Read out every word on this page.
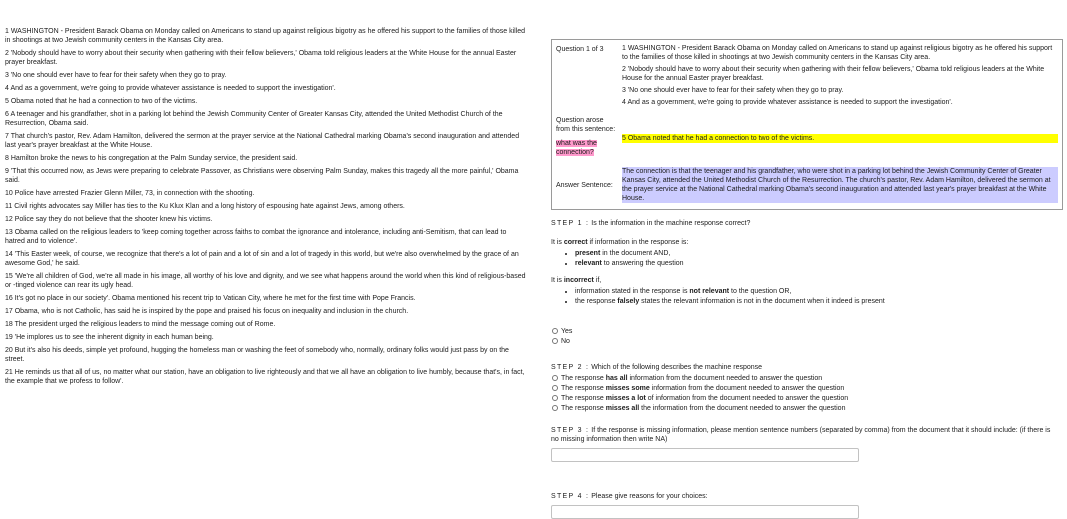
1 WASHINGTON - President Barack Obama on Monday called on Americans to stand up against religious bigotry as he offered his support to the families of those killed in shootings at two Jewish community centers in the Kansas City area.

2 'Nobody should have to worry about their security when gathering with their fellow believers,' Obama told religious leaders at the White House for the annual Easter prayer breakfast.

3 'No one should ever have to fear for their safety when they go to pray.

4 And as a government, we're going to provide whatever assistance is needed to support the investigation'.

5 Obama noted that he had a connection to two of the victims.

6 A teenager and his grandfather, shot in a parking lot behind the Jewish Community Center of Greater Kansas City, attended the United Methodist Church of the Resurrection, Obama said.

7 That church's pastor, Rev. Adam Hamilton, delivered the sermon at the prayer service at the National Cathedral marking Obama's second inauguration and attended last year's prayer breakfast at the White House.

8 Hamilton broke the news to his congregation at the Palm Sunday service, the president said.

9 'That this occurred now, as Jews were preparing to celebrate Passover, as Christians were observing Palm Sunday, makes this tragedy all the more painful,' Obama said.

10 Police have arrested Frazier Glenn Miller, 73, in connection with the shooting.

11 Civil rights advocates say Miller has ties to the Ku Klux Klan and a long history of espousing hate against Jews, among others.

12 Police say they do not believe that the shooter knew his victims.

13 Obama called on the religious leaders to 'keep coming together across faiths to combat the ignorance and intolerance, including anti-Semitism, that can lead to hatred and to violence'.

14 'This Easter week, of course, we recognize that there's a lot of pain and a lot of sin and a lot of tragedy in this world, but we're also overwhelmed by the grace of an awesome God,' he said.

15 'We're all children of God, we're all made in his image, all worthy of his love and dignity, and we see what happens around the world when this kind of religious-based or -tinged violence can rear its ugly head.

16 It's got no place in our society'. Obama mentioned his recent trip to Vatican City, where he met for the first time with Pope Francis.

17 Obama, who is not Catholic, has said he is inspired by the pope and praised his focus on inequality and inclusion in the church.

18 The president urged the religious leaders to mind the message coming out of Rome.

19 'He implores us to see the inherent dignity in each human being.

20 But it's also his deeds, simple yet profound, hugging the homeless man or washing the feet of somebody who, normally, ordinary folks would just pass by on the street.

21 He reminds us that all of us, no matter what our station, have an obligation to live righteously and that we all have an obligation to live humbly, because that's, in fact, the example that we profess to follow'.

Question 1 of 3	1 WASHINGTON - President Barack Obama on Monday called on Americans to stand up against religious bigotry as he offered his support to the families of those killed in shootings at two Jewish community centers in the Kansas City area.

2 'Nobody should have to worry about their security when gathering with their fellow believers,' Obama told religious leaders at the White House for the annual Easter prayer breakfast.

3 'No one should ever have to fear for their safety when they go to pray.

4 And as a government, we're going to provide whatever assistance is needed to support the investigation'.

Question arose from this sentence:
what was the connection?
5 Obama noted that he had a connection to two of the victims.
Answer Sentence:
The connection is that the teenager and his grandfather, who were shot in a parking lot behind the Jewish Community Center of Greater Kansas City, attended the United Methodist Church of the Resurrection. The church's pastor, Rev. Adam Hamilton, delivered the sermon at the prayer service at the National Cathedral marking Obama's second inauguration and attended last year's prayer breakfast at the White House.

STEP 1 : Is the information in the machine response correct?

It is correct if information in the response is:

• present in the document AND,
• relevant to answering the question

It is incorrect if,

• information stated in the response is not relevant to the question OR,
• the response falsely states the relevant information is not in the document when it indeed is present
Yes
No

STEP 2 : Which of the following describes the machine response

The response has all information from the document needed to answer the question
The response misses some information from the document needed to answer the question
The response misses a lot of information from the document needed to answer the question
The response misses all the information from the document needed to answer the question

STEP 3 : If the response is missing information, please mention sentence numbers (separated by comma) from the document that it should include: (if there is no missing information then write NA)

STEP 4 : Please give reasons for your choices:
